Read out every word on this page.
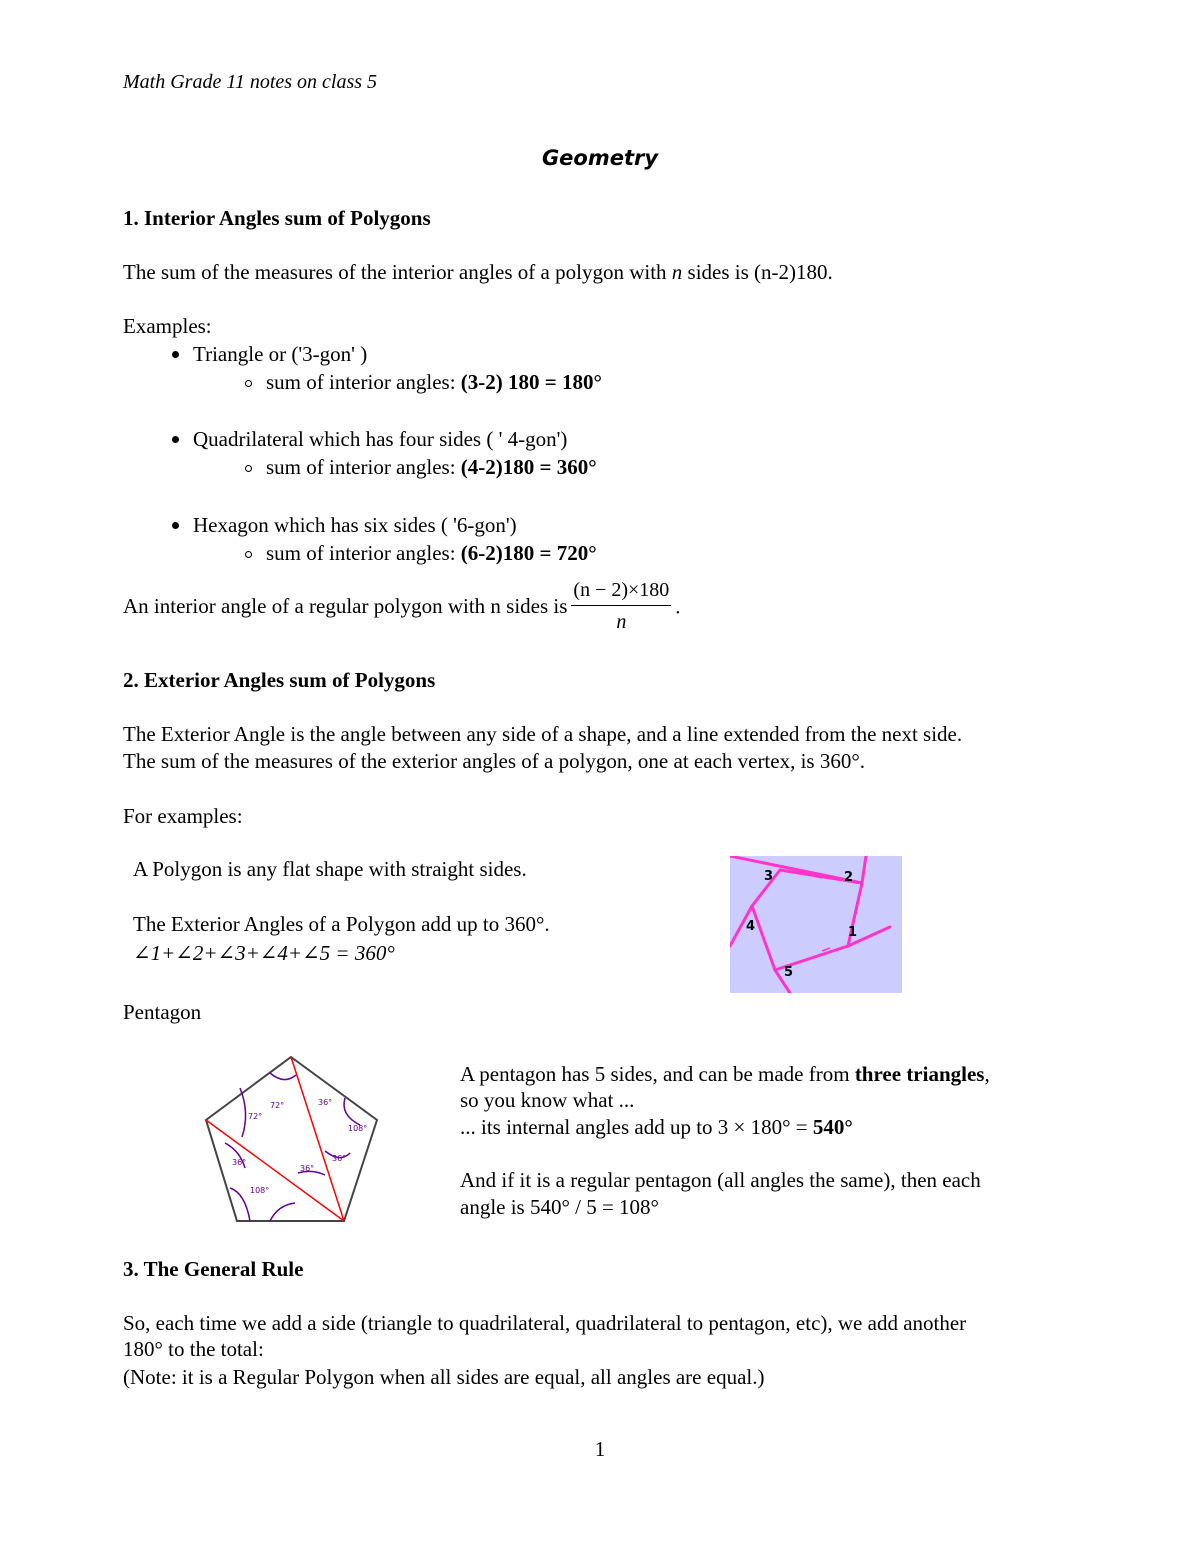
Math Grade 11 notes on class 5
Geometry
1. Interior Angles sum of Polygons
The sum of the measures of the interior angles of a polygon with n sides is (n-2)180.
Examples:
Triangle or ('3-gon' )
sum of interior angles: (3-2) 180 = 180°
Quadrilateral which has four sides ( ' 4-gon')
sum of interior angles: (4-2)180 = 360°
Hexagon which has six sides ( '6-gon')
sum of interior angles: (6-2)180 = 720°
An interior angle of a regular polygon with n sides is $\frac{(n - 2)\times 180}{n}$ .
2. Exterior Angles sum of Polygons
The Exterior Angle is the angle between any side of a shape, and a line extended from the next side.
The sum of the measures of the exterior angles of a polygon, one at each vertex, is 360°.
For examples:
A Polygon is any flat shape with straight sides.
The Exterior Angles of a Polygon add up to 360°.
∠1+∠2+∠3+∠4+∠5 = 360°
2
1
3
4
5
Pentagon
72°	36°
108°
72°
36°	36°
108°
36°
A pentagon has 5 sides, and can be made from three triangles,
so you know what ...
... its internal angles add up to 3 × 180° = 540°
And if it is a regular pentagon (all angles the same), then each
angle is 540° / 5 = 108°
3. The General Rule
So, each time we add a side (triangle to quadrilateral, quadrilateral to pentagon, etc), we add another
180° to the total:
(Note: it is a Regular Polygon when all sides are equal, all angles are equal.)
1
